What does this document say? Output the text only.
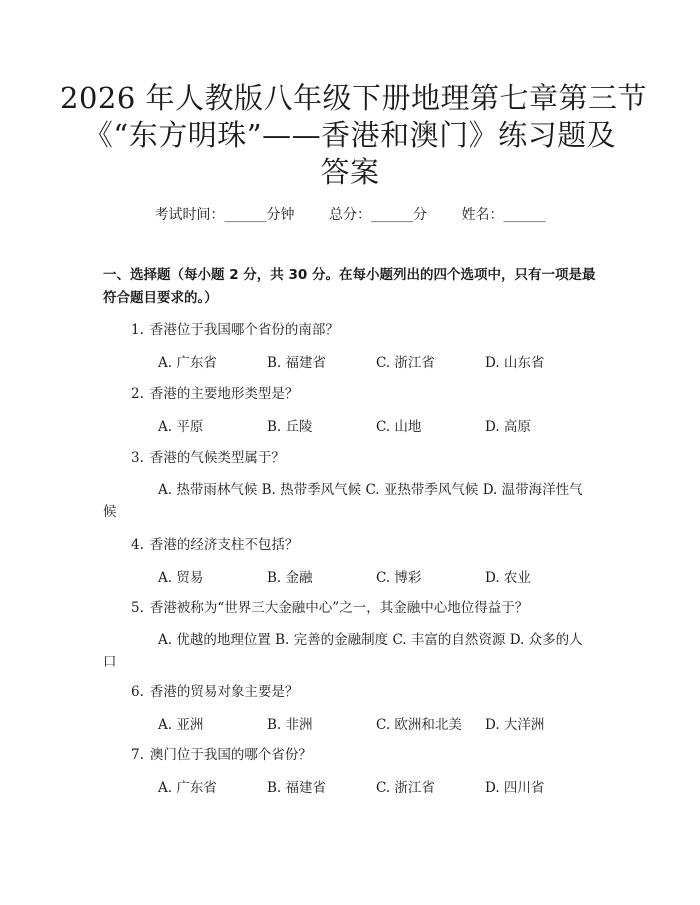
2026 年人教版八年级下册地理第七章第三节
《“东方明珠”——香港和澳门》练习题及
答案
考试时间：______分钟 总分：______分 姓名：______
一、选择题（每小题 2 分，共 30 分。在每小题列出的四个选项中，只有一项是最符合题目要求的。）
1. 香港位于我国哪个省份的南部？
A. 广东省	B. 福建省	C. 浙江省	D. 山东省
2. 香港的主要地形类型是？
A. 平原	B. 丘陵	C. 山地	D. 高原
3. 香港的气候类型属于？
A. 热带雨林气候 B. 热带季风气候 C. 亚热带季风气候 D. 温带海洋性气候
4. 香港的经济支柱不包括？
A. 贸易	B. 金融	C. 博彩	D. 农业
5. 香港被称为“世界三大金融中心”之一，其金融中心地位得益于？
A. 优越的地理位置 B. 完善的金融制度 C. 丰富的自然资源 D. 众多的人口
6. 香港的贸易对象主要是？
A. 亚洲	B. 非洲	C. 欧洲和北美 D. 大洋洲
7. 澳门位于我国的哪个省份？
A. 广东省	B. 福建省	C. 浙江省	D. 四川省
